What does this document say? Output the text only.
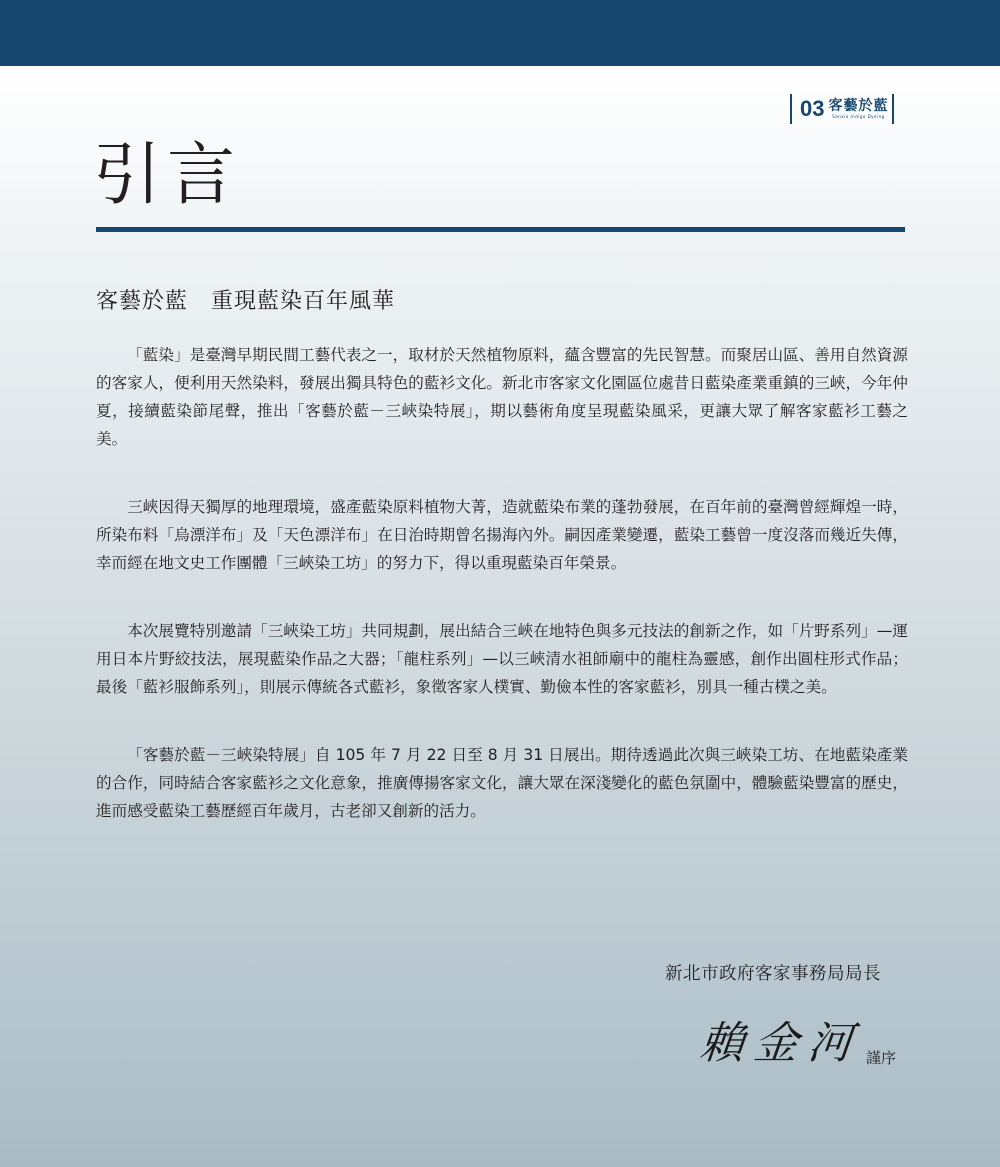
03 客藝於藍
Sanxia Indigo Dyeing
引言
客藝於藍　重現藍染百年風華

「藍染」是臺灣早期民間工藝代表之一，取材於天然植物原料，蘊含豐富的先民智慧。而聚居山區、善用自然資源的客家人，便利用天然染料，發展出獨具特色的藍衫文化。新北市客家文化園區位處昔日藍染產業重鎮的三峽，今年仲夏，接續藍染節尾聲，推出「客藝於藍－三峽染特展」，期以藝術角度呈現藍染風采，更讓大眾了解客家藍衫工藝之美。

三峽因得天獨厚的地理環境，盛產藍染原料植物大菁，造就藍染布業的蓬勃發展，在百年前的臺灣曾經輝煌一時，所染布料「烏漂洋布」及「天色漂洋布」在日治時期曾名揚海內外。嗣因產業變遷，藍染工藝曾一度沒落而幾近失傳，幸而經在地文史工作團體「三峽染工坊」的努力下，得以重現藍染百年榮景。

本次展覽特別邀請「三峽染工坊」共同規劃，展出結合三峽在地特色與多元技法的創新之作，如「片野系列」—運用日本片野絞技法，展現藍染作品之大器；「龍柱系列」—以三峽清水祖師廟中的龍柱為靈感，創作出圓柱形式作品；最後「藍衫服飾系列」，則展示傳統各式藍衫，象徵客家人樸實、勤儉本性的客家藍衫，別具一種古樸之美。

「客藝於藍－三峽染特展」自 105 年 7 月 22 日至 8 月 31 日展出。期待透過此次與三峽染工坊、在地藍染產業的合作，同時結合客家藍衫之文化意象，推廣傳揚客家文化，讓大眾在深淺變化的藍色氛圍中，體驗藍染豐富的歷史，進而感受藍染工藝歷經百年歲月，古老卻又創新的活力。

新北市政府客家事務局局長

賴金河 謹序
